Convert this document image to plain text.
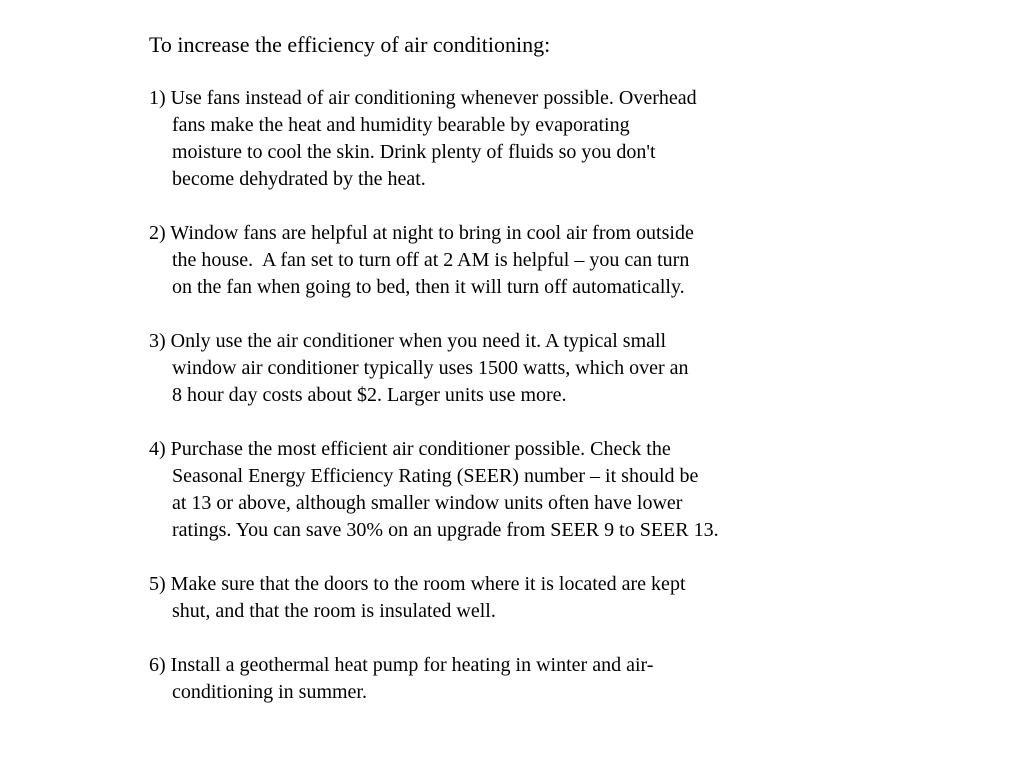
To increase the efficiency of air conditioning:
1) Use fans instead of air conditioning whenever possible. Overhead
fans make the heat and humidity bearable by evaporating
moisture to cool the skin. Drink plenty of fluids so you don't
become dehydrated by the heat.
2) Window fans are helpful at night to bring in cool air from outside
the house.  A fan set to turn off at 2 AM is helpful – you can turn
on the fan when going to bed, then it will turn off automatically.
3) Only use the air conditioner when you need it. A typical small
window air conditioner typically uses 1500 watts, which over an
8 hour day costs about $2. Larger units use more.
4) Purchase the most efficient air conditioner possible. Check the
Seasonal Energy Efficiency Rating (SEER) number – it should be
at 13 or above, although smaller window units often have lower
ratings. You can save 30% on an upgrade from SEER 9 to SEER 13.
5) Make sure that the doors to the room where it is located are kept
shut, and that the room is insulated well.
6) Install a geothermal heat pump for heating in winter and air-
conditioning in summer.
